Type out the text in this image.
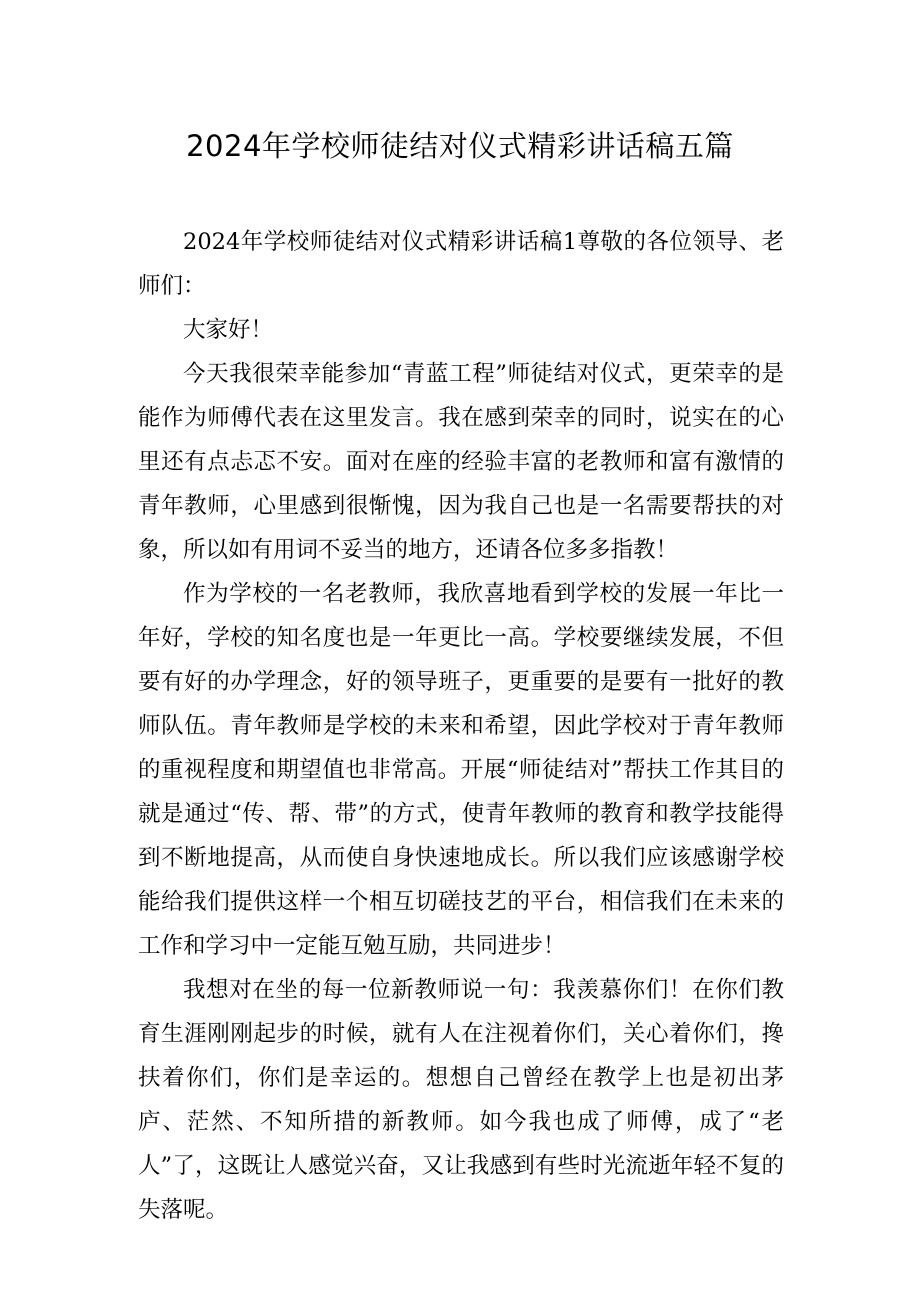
2024年学校师徒结对仪式精彩讲话稿五篇

2024年学校师徒结对仪式精彩讲话稿1尊敬的各位领导、老师们：

大家好！

今天我很荣幸能参加“青蓝工程”师徒结对仪式，更荣幸的是能作为师傅代表在这里发言。我在感到荣幸的同时，说实在的心里还有点忐忑不安。面对在座的经验丰富的老教师和富有激情的青年教师，心里感到很惭愧，因为我自己也是一名需要帮扶的对象，所以如有用词不妥当的地方，还请各位多多指教！

作为学校的一名老教师，我欣喜地看到学校的发展一年比一年好，学校的知名度也是一年更比一高。学校要继续发展，不但要有好的办学理念，好的领导班子，更重要的是要有一批好的教师队伍。青年教师是学校的未来和希望，因此学校对于青年教师的重视程度和期望值也非常高。开展“师徒结对”帮扶工作其目的就是通过“传、帮、带”的方式，使青年教师的教育和教学技能得到不断地提高，从而使自身快速地成长。所以我们应该感谢学校能给我们提供这样一个相互切磋技艺的平台，相信我们在未来的工作和学习中一定能互勉互励，共同进步！

我想对在坐的每一位新教师说一句：我羡慕你们！在你们教育生涯刚刚起步的时候，就有人在注视着你们，关心着你们，搀扶着你们，你们是幸运的。想想自己曾经在教学上也是初出茅庐、茫然、不知所措的新教师。如今我也成了师傅，成了“老人”了，这既让人感觉兴奋，又让我感到有些时光流逝年轻不复的失落呢。
